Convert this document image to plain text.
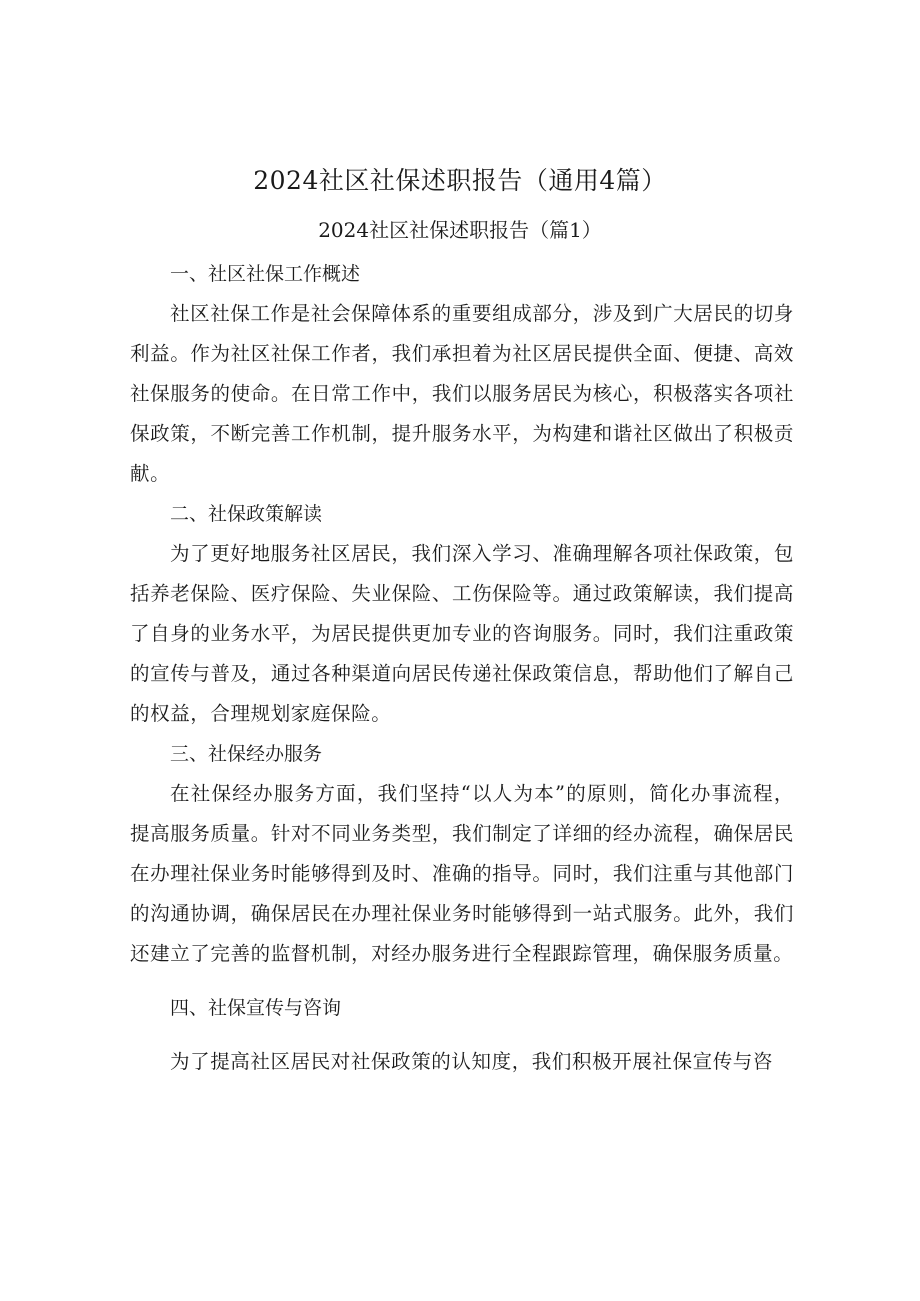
2024社区社保述职报告（通用4篇）
2024社区社保述职报告（篇1）

一、社区社保工作概述

社区社保工作是社会保障体系的重要组成部分，涉及到广大居民的切身利益。作为社区社保工作者，我们承担着为社区居民提供全面、便捷、高效社保服务的使命。在日常工作中，我们以服务居民为核心，积极落实各项社保政策，不断完善工作机制，提升服务水平，为构建和谐社区做出了积极贡献。

二、社保政策解读

为了更好地服务社区居民，我们深入学习、准确理解各项社保政策，包括养老保险、医疗保险、失业保险、工伤保险等。通过政策解读，我们提高了自身的业务水平，为居民提供更加专业的咨询服务。同时，我们注重政策的宣传与普及，通过各种渠道向居民传递社保政策信息，帮助他们了解自己的权益，合理规划家庭保险。

三、社保经办服务

在社保经办服务方面，我们坚持“以人为本”的原则，简化办事流程，提高服务质量。针对不同业务类型，我们制定了详细的经办流程，确保居民在办理社保业务时能够得到及时、准确的指导。同时，我们注重与其他部门的沟通协调，确保居民在办理社保业务时能够得到一站式服务。此外，我们还建立了完善的监督机制，对经办服务进行全程跟踪管理，确保服务质量。

四、社保宣传与咨询

为了提高社区居民对社保政策的认知度，我们积极开展社保宣传与咨
